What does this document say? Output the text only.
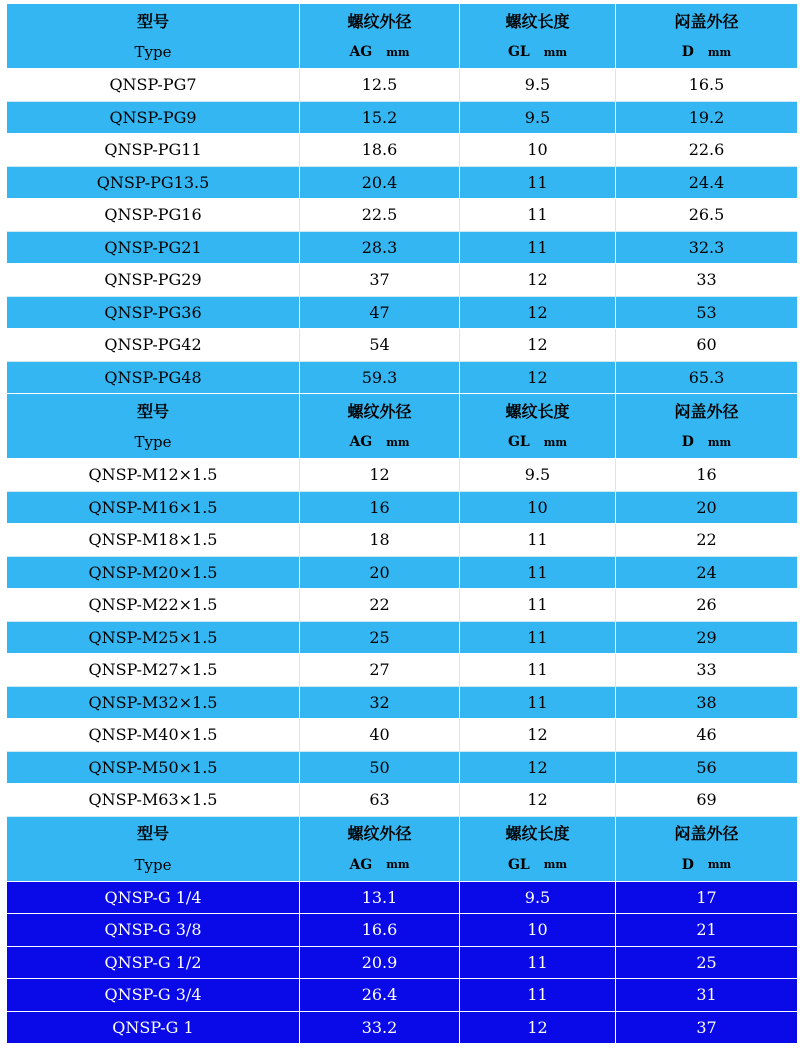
型号	螺纹外径	螺纹长度	闷盖外径
Type	AG mm	GL mm	D mm
QNSP-PG7	12.5	9.5	16.5
QNSP-PG9	15.2	9.5	19.2
QNSP-PG11	18.6	10	22.6
QNSP-PG13.5	20.4	11	24.4
QNSP-PG16	22.5	11	26.5
QNSP-PG21	28.3	11	32.3
QNSP-PG29	37	12	33
QNSP-PG36	47	12	53
QNSP-PG42	54	12	60
QNSP-PG48	59.3	12	65.3
型号	螺纹外径	螺纹长度	闷盖外径
Type	AG mm	GL mm	D mm
QNSP-M12×1.5	12	9.5	16
QNSP-M16×1.5	16	10	20
QNSP-M18×1.5	18	11	22
QNSP-M20×1.5	20	11	24
QNSP-M22×1.5	22	11	26
QNSP-M25×1.5	25	11	29
QNSP-M27×1.5	27	11	33
QNSP-M32×1.5	32	11	38
QNSP-M40×1.5	40	12	46
QNSP-M50×1.5	50	12	56
QNSP-M63×1.5	63	12	69
型号	螺纹外径	螺纹长度	闷盖外径
Type	AG mm	GL mm	D mm
QNSP-G 1/4	13.1	9.5	17
QNSP-G 3/8	16.6	10	21
QNSP-G 1/2	20.9	11	25
QNSP-G 3/4	26.4	11	31
QNSP-G 1	33.2	12	37
